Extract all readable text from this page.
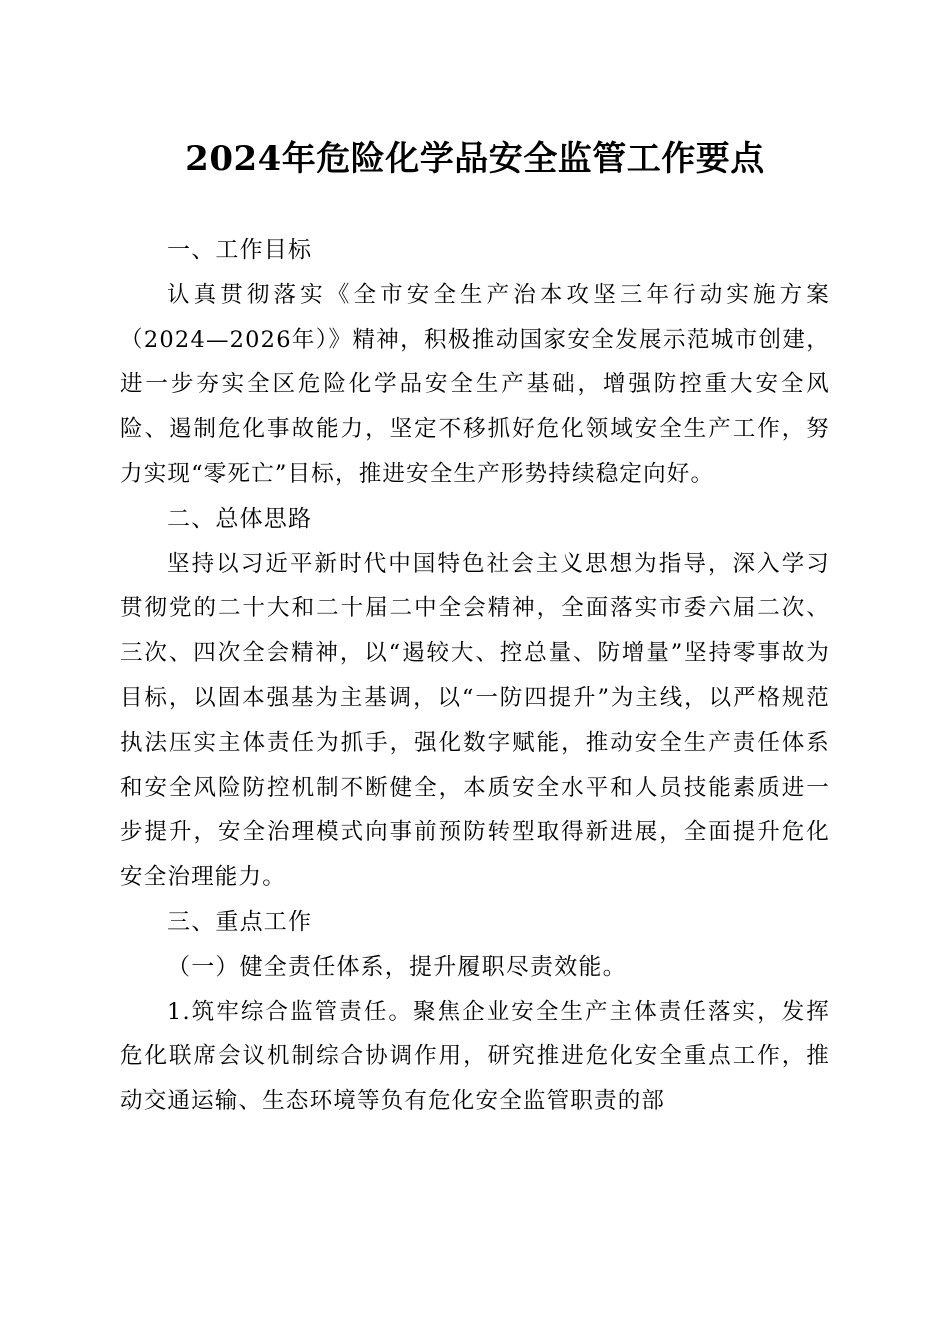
2024年危险化学品安全监管工作要点

一、工作目标

认真贯彻落实《全市安全生产治本攻坚三年行动实施方案（2024—2026年）》精神，积极推动国家安全发展示范城市创建，进一步夯实全区危险化学品安全生产基础，增强防控重大安全风险、遏制危化事故能力，坚定不移抓好危化领域安全生产工作，努力实现“零死亡”目标，推进安全生产形势持续稳定向好。

二、总体思路

坚持以习近平新时代中国特色社会主义思想为指导，深入学习贯彻党的二十大和二十届二中全会精神，全面落实市委六届二次、三次、四次全会精神，以“遏较大、控总量、防增量”坚持零事故为目标，以固本强基为主基调，以“一防四提升”为主线，以严格规范执法压实主体责任为抓手，强化数字赋能，推动安全生产责任体系和安全风险防控机制不断健全，本质安全水平和人员技能素质进一步提升，安全治理模式向事前预防转型取得新进展，全面提升危化安全治理能力。

三、重点工作

（一）健全责任体系，提升履职尽责效能。

1.筑牢综合监管责任。聚焦企业安全生产主体责任落实，发挥危化联席会议机制综合协调作用，研究推进危化安全重点工作，推动交通运输、生态环境等负有危化安全监管职责的部
